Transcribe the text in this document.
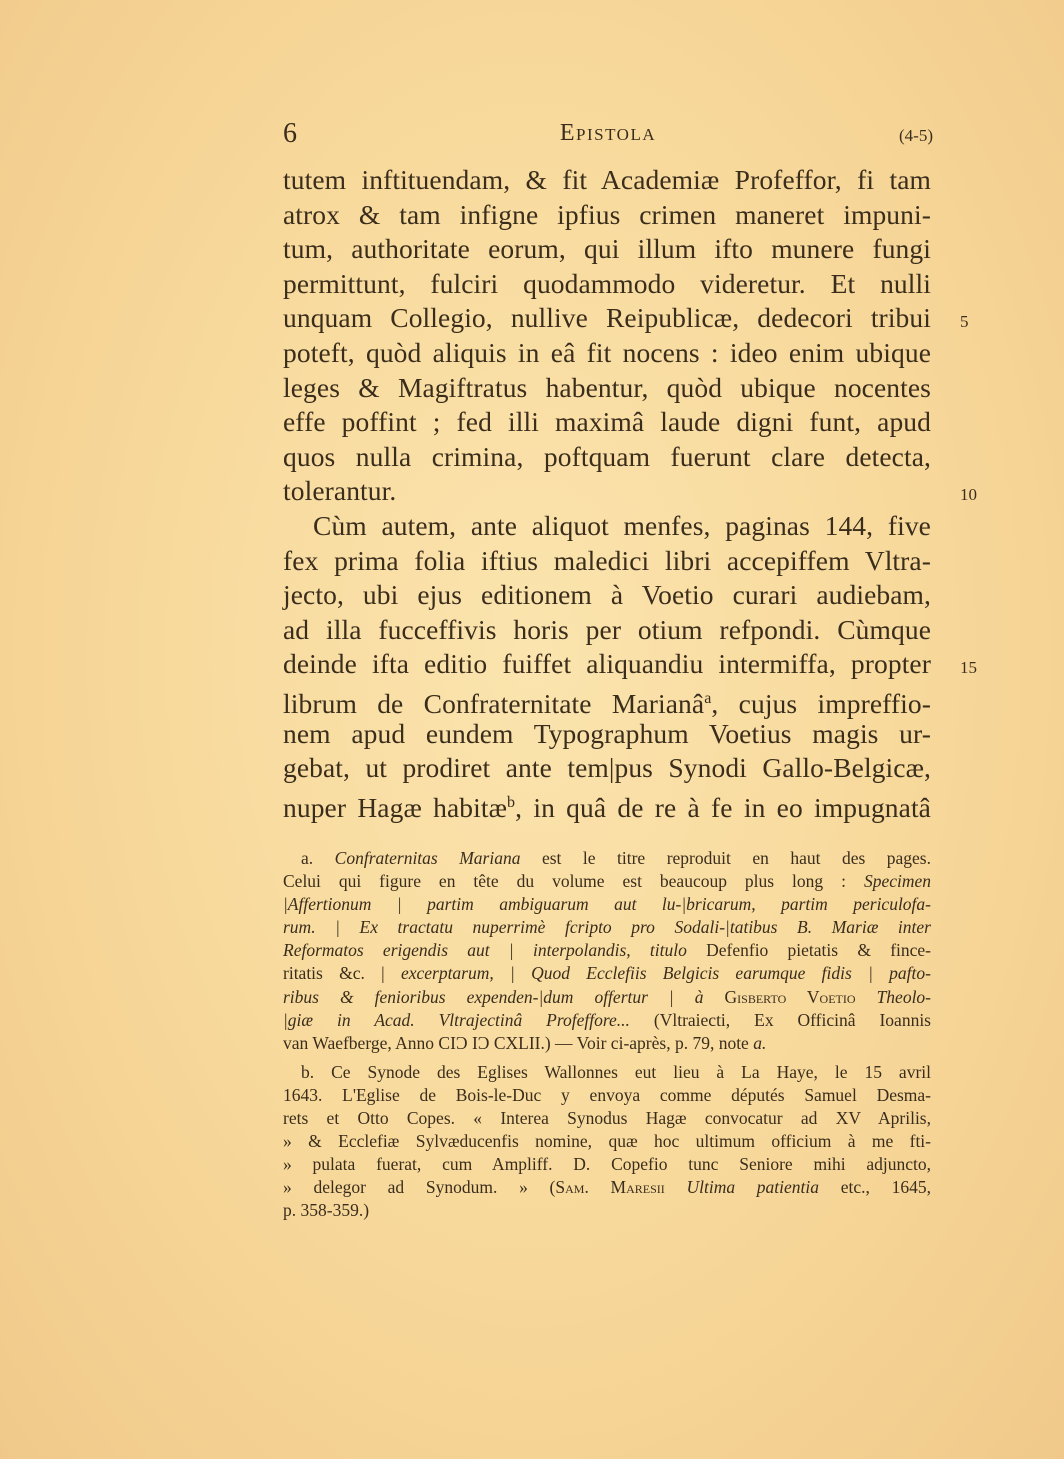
6	Epistola	(4-5)
tutem inftituendam, & fit Academiæ Profeffor, fi tam
atrox & tam infigne ipfius crimen maneret impuni-
tum, authoritate eorum, qui illum ifto munere fungi
permittunt, fulciri quodammodo videretur. Et nulli
unquam Collegio, nullive Reipublicæ, dedecori tribui
poteft, quòd aliquis in eâ fit nocens : ideo enim ubique
leges & Magiftratus habentur, quòd ubique nocentes
effe poffint ; fed illi maximâ laude digni funt, apud
quos nulla crimina, poftquam fuerunt clare detecta,
tolerantur.
Cùm autem, ante aliquot menfes, paginas 144, five
fex prima folia iftius maledici libri accepiffem Vltra-
jecto, ubi ejus editionem à Voetio curari audiebam,
ad illa fucceffivis horis per otium refpondi. Cùmque
deinde ifta editio fuiffet aliquandiu intermiffa, propter
librum de Confraternitate Marianâ$^a$, cujus impreffio-
nem apud eundem Typographum Voetius magis ur-
gebat, ut prodiret ante tem|pus Synodi Gallo-Belgicæ,
nuper Hagæ habitæ$^b$, in quâ de re à fe in eo impugnatâ
5
10
15
a. Confraternitas Mariana est le titre reproduit en haut des pages.
Celui qui figure en tête du volume est beaucoup plus long : Specimen
|Affertionum | partim ambiguarum aut lu-|bricarum, partim periculofa-
rum. | Ex tractatu nuperrimè fcripto pro Sodali-|tatibus B. Mariæ inter
Reformatos erigendis aut | interpolandis, titulo Defenfio pietatis & fince-
ritatis &c. | excerptarum, | Quod Ecclefiis Belgicis earumque fidis | pafto-
ribus & fenioribus expenden-|dum offertur | à Gisberto Voetio Theolo-
|giæ in Acad. Vltrajectinâ Profeffore... (Vltraiecti, Ex Officinâ Ioannis
van Waefberge, Anno CIƆ IƆ CXLII.) — Voir ci-après, p. 79, note a.
b. Ce Synode des Eglises Wallonnes eut lieu à La Haye, le 15 avril
1643. L'Eglise de Bois-le-Duc y envoya comme députés Samuel Desma-
rets et Otto Copes. « Interea Synodus Hagæ convocatur ad XV Aprilis,
» & Ecclefiæ Sylvæducenfis nomine, quæ hoc ultimum officium à me fti-
» pulata fuerat, cum Ampliff. D. Copefio tunc Seniore mihi adjuncto,
» delegor ad Synodum. » (Sam. Maresii Ultima patientia etc., 1645,
p. 358-359.)
